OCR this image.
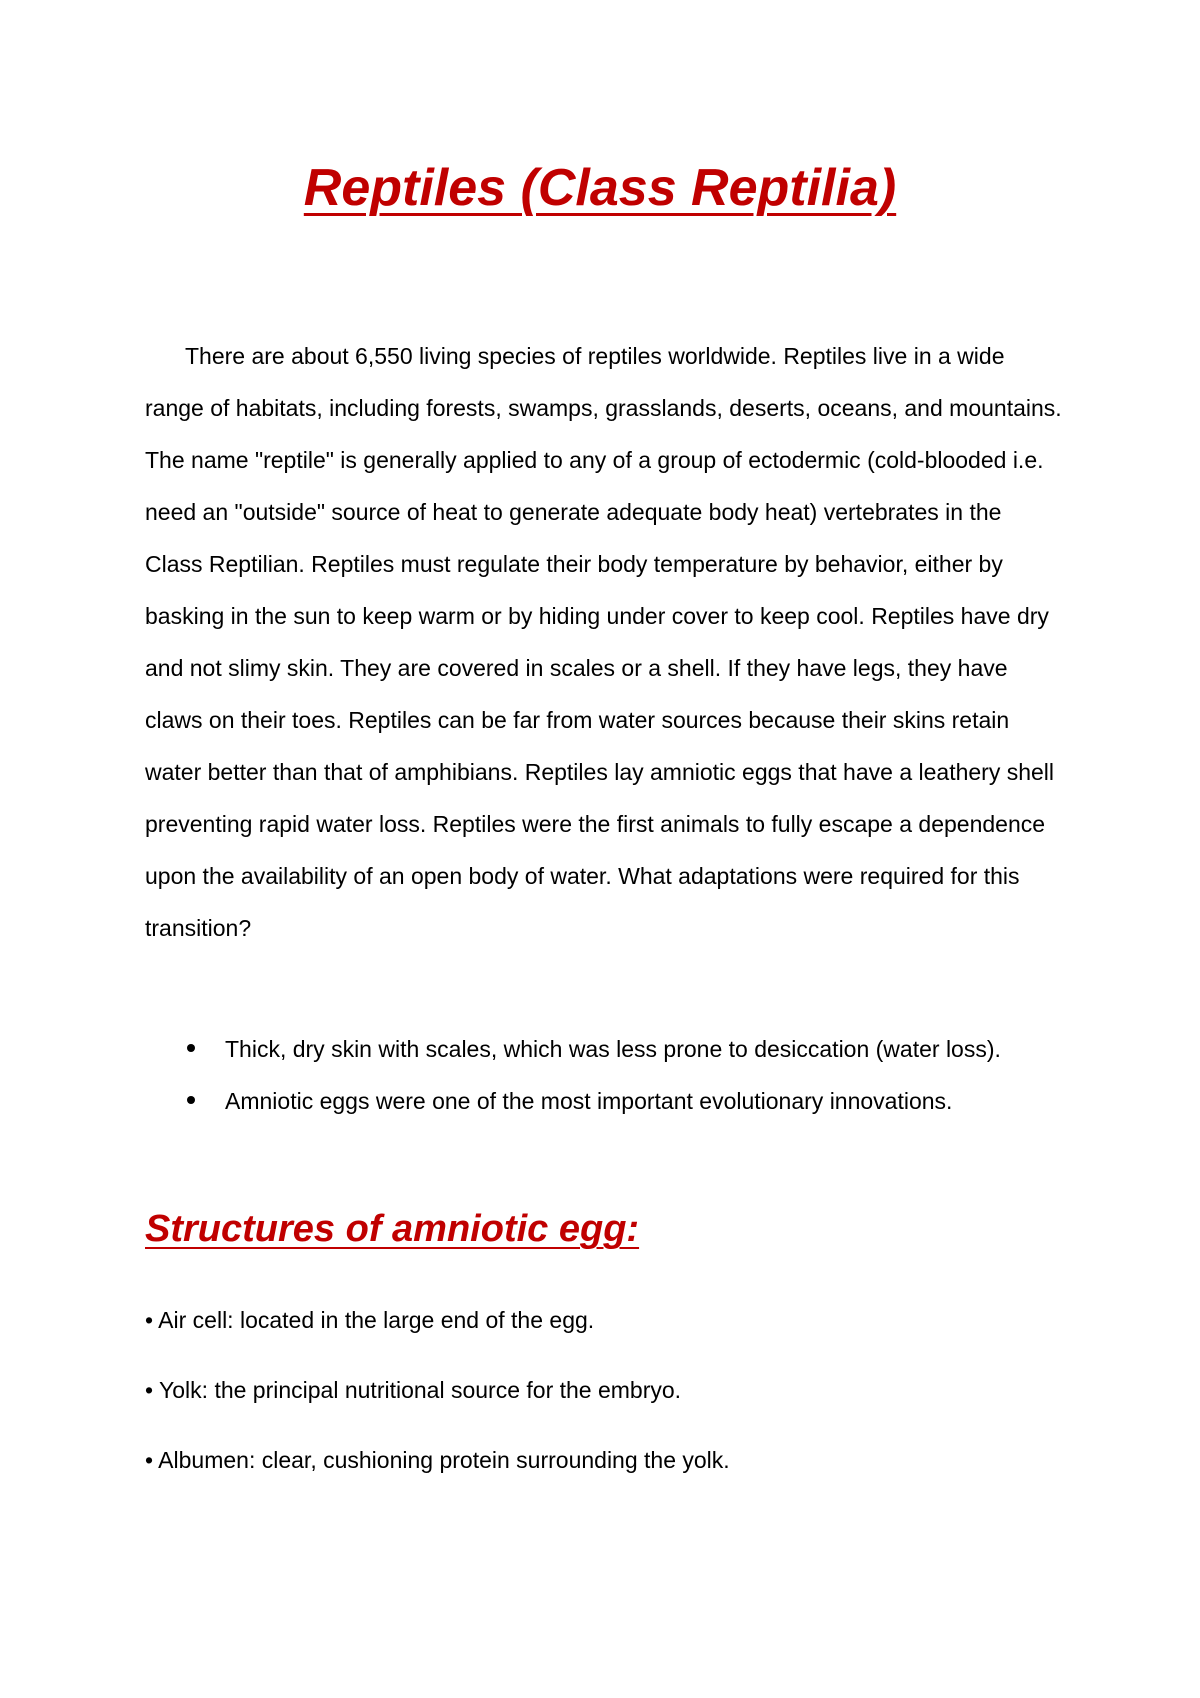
Reptiles (Class Reptilia)

There are about 6,550 living species of reptiles worldwide. Reptiles live in a wide range of habitats, including forests, swamps, grasslands, deserts, oceans, and mountains. The name "reptile" is generally applied to any of a group of ectodermic (cold-blooded i.e. need an "outside" source of heat to generate adequate body heat) vertebrates in the Class Reptilian. Reptiles must regulate their body temperature by behavior, either by basking in the sun to keep warm or by hiding under cover to keep cool. Reptiles have dry and not slimy skin. They are covered in scales or a shell. If they have legs, they have claws on their toes. Reptiles can be far from water sources because their skins retain water better than that of amphibians. Reptiles lay amniotic eggs that have a leathery shell preventing rapid water loss. Reptiles were the first animals to fully escape a dependence upon the availability of an open body of water. What adaptations were required for this transition?

Thick, dry skin with scales, which was less prone to desiccation (water loss).
Amniotic eggs were one of the most important evolutionary innovations.
Structures of amniotic egg:
• Air cell: located in the large end of the egg.
• Yolk: the principal nutritional source for the embryo.
• Albumen: clear, cushioning protein surrounding the yolk.
